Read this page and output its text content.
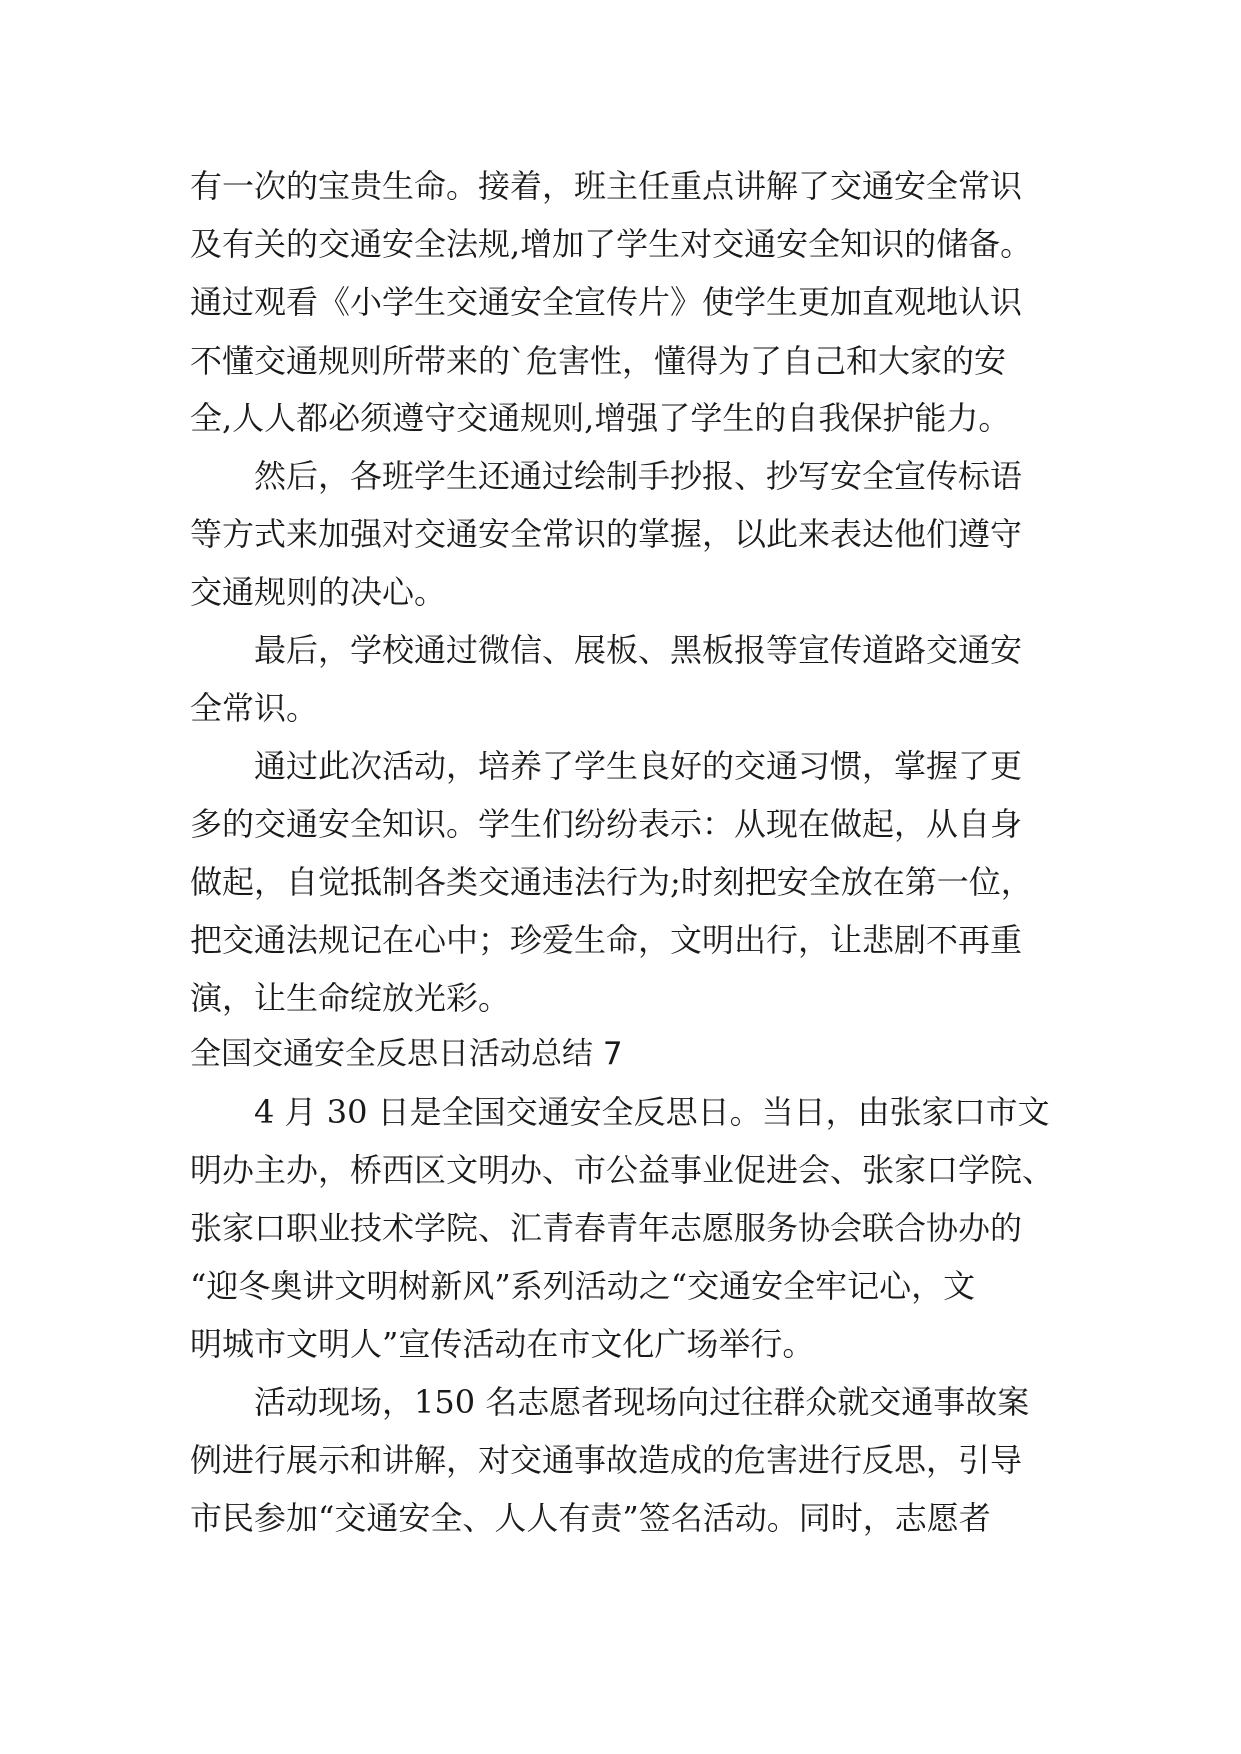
有一次的宝贵生命。接着，班主任重点讲解了交通安全常识
及有关的交通安全法规,增加了学生对交通安全知识的储备。
通过观看《小学生交通安全宣传片》使学生更加直观地认识
不懂交通规则所带来的`危害性，懂得为了自己和大家的安
全,人人都必须遵守交通规则,增强了学生的自我保护能力。
然后，各班学生还通过绘制手抄报、抄写安全宣传标语
等方式来加强对交通安全常识的掌握，以此来表达他们遵守
交通规则的决心。
最后，学校通过微信、展板、黑板报等宣传道路交通安
全常识。
通过此次活动，培养了学生良好的交通习惯，掌握了更
多的交通安全知识。学生们纷纷表示：从现在做起，从自身
做起，自觉抵制各类交通违法行为;时刻把安全放在第一位，
把交通法规记在心中；珍爱生命，文明出行，让悲剧不再重
演，让生命绽放光彩。
全国交通安全反思日活动总结 7
4 月 30 日是全国交通安全反思日。当日，由张家口市文
明办主办，桥西区文明办、市公益事业促进会、张家口学院、
张家口职业技术学院、汇青春青年志愿服务协会联合协办的
“迎冬奥讲文明树新风”系列活动之“交通安全牢记心，文
明城市文明人”宣传活动在市文化广场举行。
活动现场，150 名志愿者现场向过往群众就交通事故案
例进行展示和讲解，对交通事故造成的危害进行反思，引导
市民参加“交通安全、人人有责”签名活动。同时，志愿者
